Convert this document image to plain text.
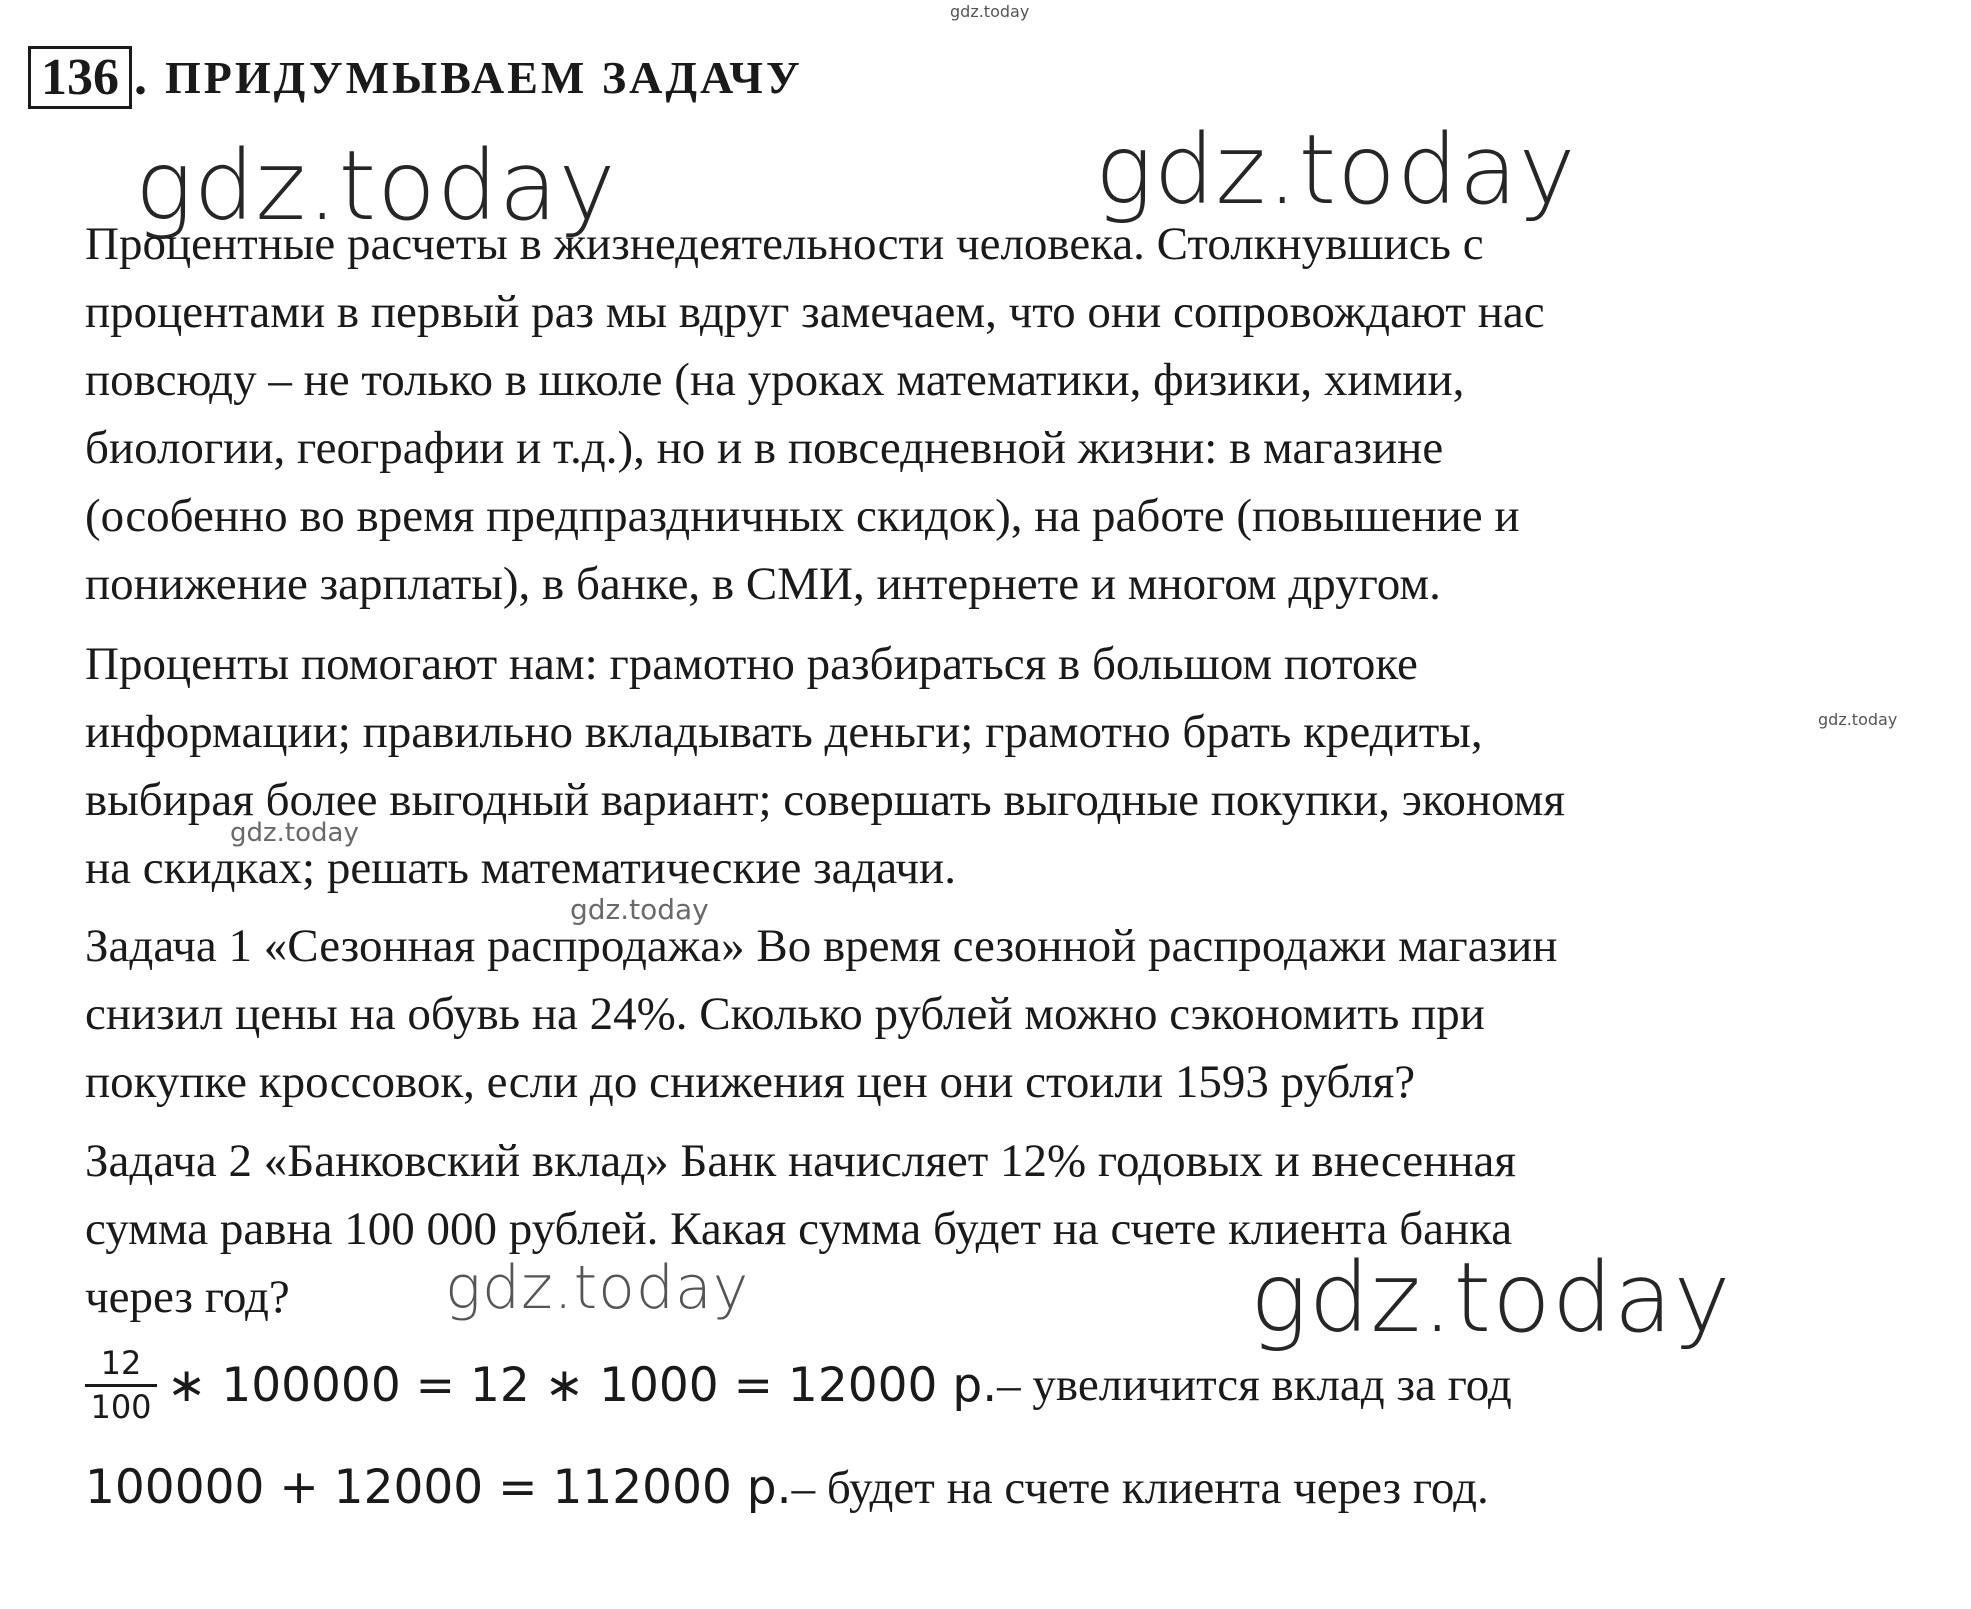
gdz.today
gdz.today	gdz.today
gdz.today
gdz.today
gdz.today
gdz.today	gdz.today
136 . ПРИДУМЫВАЕМ ЗАДАЧУ

Процентные расчеты в жизнедеятельности человека. Столкнувшись с
процентами в первый раз мы вдруг замечаем, что они сопровождают нас
повсюду – не только в школе (на уроках математики, физики, химии,
биологии, географии и т.д.), но и в повседневной жизни: в магазине
(особенно во время предпраздничных скидок), на работе (повышение и
понижение зарплаты), в банке, в СМИ, интернете и многом другом.

Проценты помогают нам: грамотно разбираться в большом потоке
информации; правильно вкладывать деньги; грамотно брать кредиты,
выбирая более выгодный вариант; совершать выгодные покупки, экономя
на скидках; решать математические задачи.

Задача 1 «Сезонная распродажа» Во время сезонной распродажи магазин
снизил цены на обувь на 24%. Сколько рублей можно сэкономить при
покупке кроссовок, если до снижения цен они стоили 1593 рубля?

Задача 2 «Банковский вклад» Банк начисляет 12% годовых и внесенная
сумма равна 100 000 рублей. Какая сумма будет на счете клиента банка
через год?

$\frac{12}{100}$ ∗ 100000 = 12 ∗ 1000 = 12000 р. – увеличится вклад за год
100000 + 12000 = 112000 р. – будет на счете клиента через год.
